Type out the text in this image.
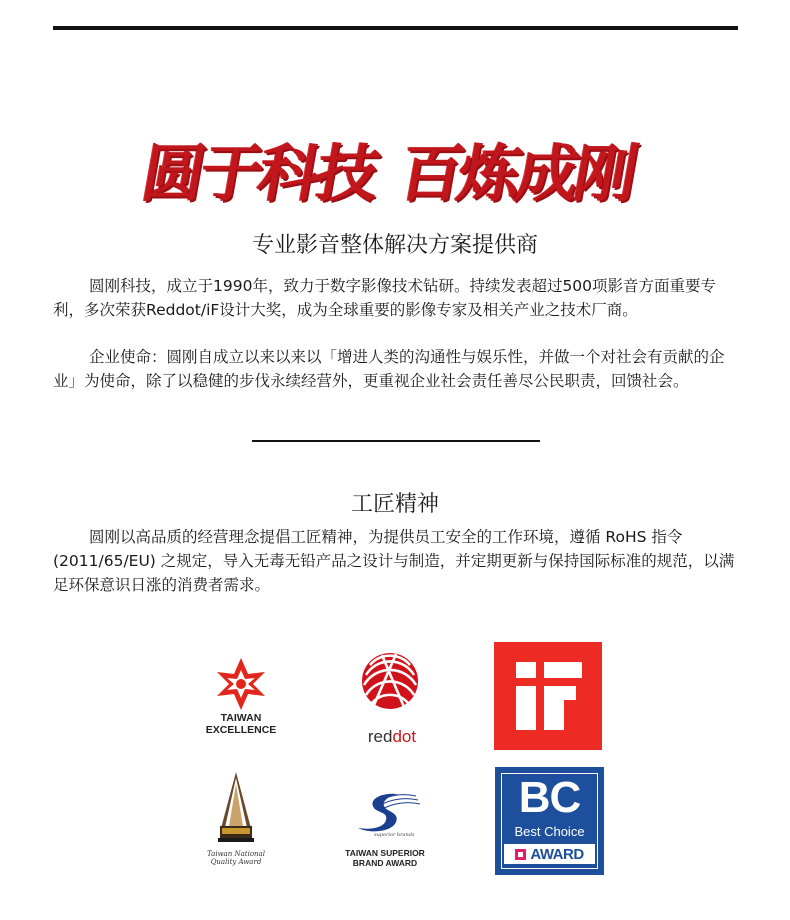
圆于科技 百炼成刚
专业影音整体解决方案提供商
圆刚科技，成立于1990年，致力于数字影像技术钻研。持续发表超过500项影音方面重要专利，多次荣获Reddot/iF设计大奖，成为全球重要的影像专家及相关产业之技术厂商。
企业使命：圆刚自成立以来以来以「增进人类的沟通性与娱乐性，并做一个对社会有贡献的企业」为使命，除了以稳健的步伐永续经营外，更重视企业社会责任善尽公民职责，回馈社会。
工匠精神
圆刚以高品质的经营理念提倡工匠精神，为提供员工安全的工作环境，遵循 RoHS 指令 (2011/65/EU) 之规定，导入无毒无铅产品之设计与制造，并定期更新与保持国际标准的规范，以满足环保意识日涨的消费者需求。
TAIWAN
EXCELLENCE	reddot
Taiwan National
Quality Award
superior brands
TAIWAN SUPERIOR
BRAND AWARD
BC
Best Choice
AWARD
